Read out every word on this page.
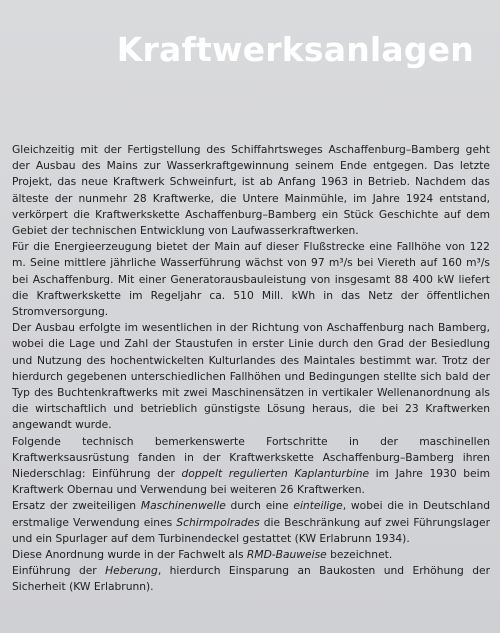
Kraftwerksanlagen

Gleichzeitig mit der Fertigstellung des Schiffahrtsweges Aschaffenburg–Bamberg geht der Ausbau des Mains zur Wasserkraftgewinnung seinem Ende entgegen. Das letzte Projekt, das neue Kraftwerk Schweinfurt, ist ab Anfang 1963 in Betrieb. Nachdem das älteste der nunmehr 28 Kraftwerke, die Untere Mainmühle, im Jahre 1924 entstand, verkörpert die Kraftwerkskette Aschaffenburg–Bamberg ein Stück Geschichte auf dem Gebiet der technischen Entwicklung von Laufwasserkraftwerken.

Für die Energieerzeugung bietet der Main auf dieser Flußstrecke eine Fallhöhe von 122 m. Seine mittlere jährliche Wasserführung wächst von 97 m³/s bei Viereth auf 160 m³/s bei Aschaffenburg. Mit einer Generatorausbauleistung von insgesamt 88 400 kW liefert die Kraftwerkskette im Regeljahr ca. 510 Mill. kWh in das Netz der öffentlichen Stromversorgung.

Der Ausbau erfolgte im wesentlichen in der Richtung von Aschaffenburg nach Bamberg, wobei die Lage und Zahl der Staustufen in erster Linie durch den Grad der Besiedlung und Nutzung des hochentwickelten Kulturlandes des Maintales bestimmt war. Trotz der hierdurch gegebenen unterschiedlichen Fallhöhen und Bedingungen stellte sich bald der Typ des Buchtenkraftwerks mit zwei Maschinensätzen in vertikaler Wellenanordnung als die wirtschaftlich und betrieblich günstigste Lösung heraus, die bei 23 Kraftwerken angewandt wurde.

Folgende technisch bemerkenswerte Fortschritte in der maschinellen Kraftwerksausrüstung fanden in der Kraftwerkskette Aschaffenburg–Bamberg ihren Niederschlag: Einführung der doppelt regulierten Kaplanturbine im Jahre 1930 beim Kraftwerk Obernau und Verwendung bei weiteren 26 Kraftwerken.

Ersatz der zweiteiligen Maschinenwelle durch eine einteilige, wobei die in Deutschland erstmalige Verwendung eines Schirmpolrades die Beschränkung auf zwei Führungslager und ein Spurlager auf dem Turbinendeckel gestattet (KW Erlabrunn 1934).

Diese Anordnung wurde in der Fachwelt als RMD-Bauweise bezeichnet.

Einführung der Heberung, hierdurch Einsparung an Baukosten und Erhöhung der Sicherheit (KW Erlabrunn).
